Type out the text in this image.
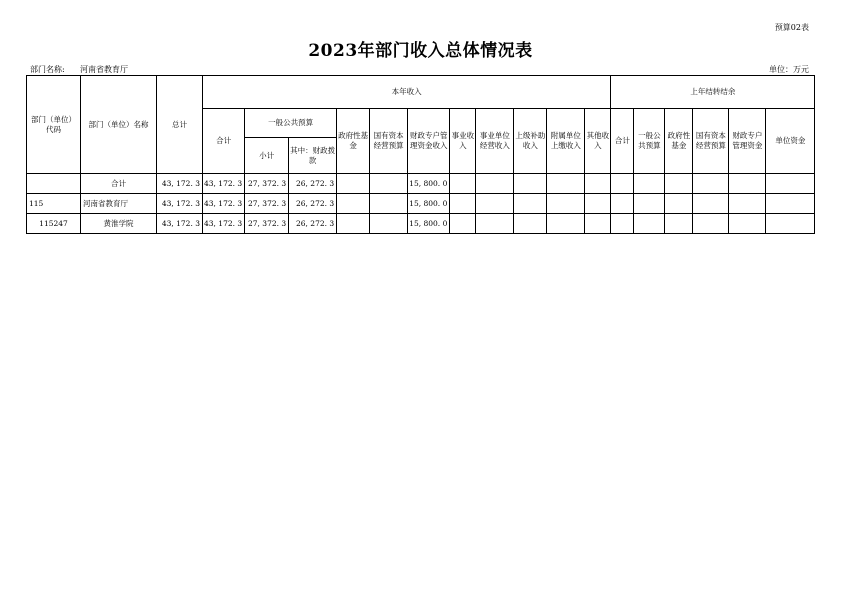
预算02表
2023年部门收入总体情况表
部门名称: 河南省教育厅	单位：万元
部门（单位）代码	部门（单位）名称	总计	本年收入											上年结转结余					
			合计	一般公共预算		政府性基金	国有资本经营预算	财政专户管理资金收入	事业收入	事业单位经营收入	上级补助收入	附属单位上缴收入	其他收入	合计	一般公共预算	政府性基金	国有资本经营预算	财政专户管理资金	单位资金
				小计	其中：财政拨款														
	合计	43, 172. 3	43, 172. 3	27, 372. 3	26, 272. 3			15, 800. 0											
115	河南省教育厅	43, 172. 3	43, 172. 3	27, 372. 3	26, 272. 3			15, 800. 0											
115247	黄淮学院	43, 172. 3	43, 172. 3	27, 372. 3	26, 272. 3			15, 800. 0											
